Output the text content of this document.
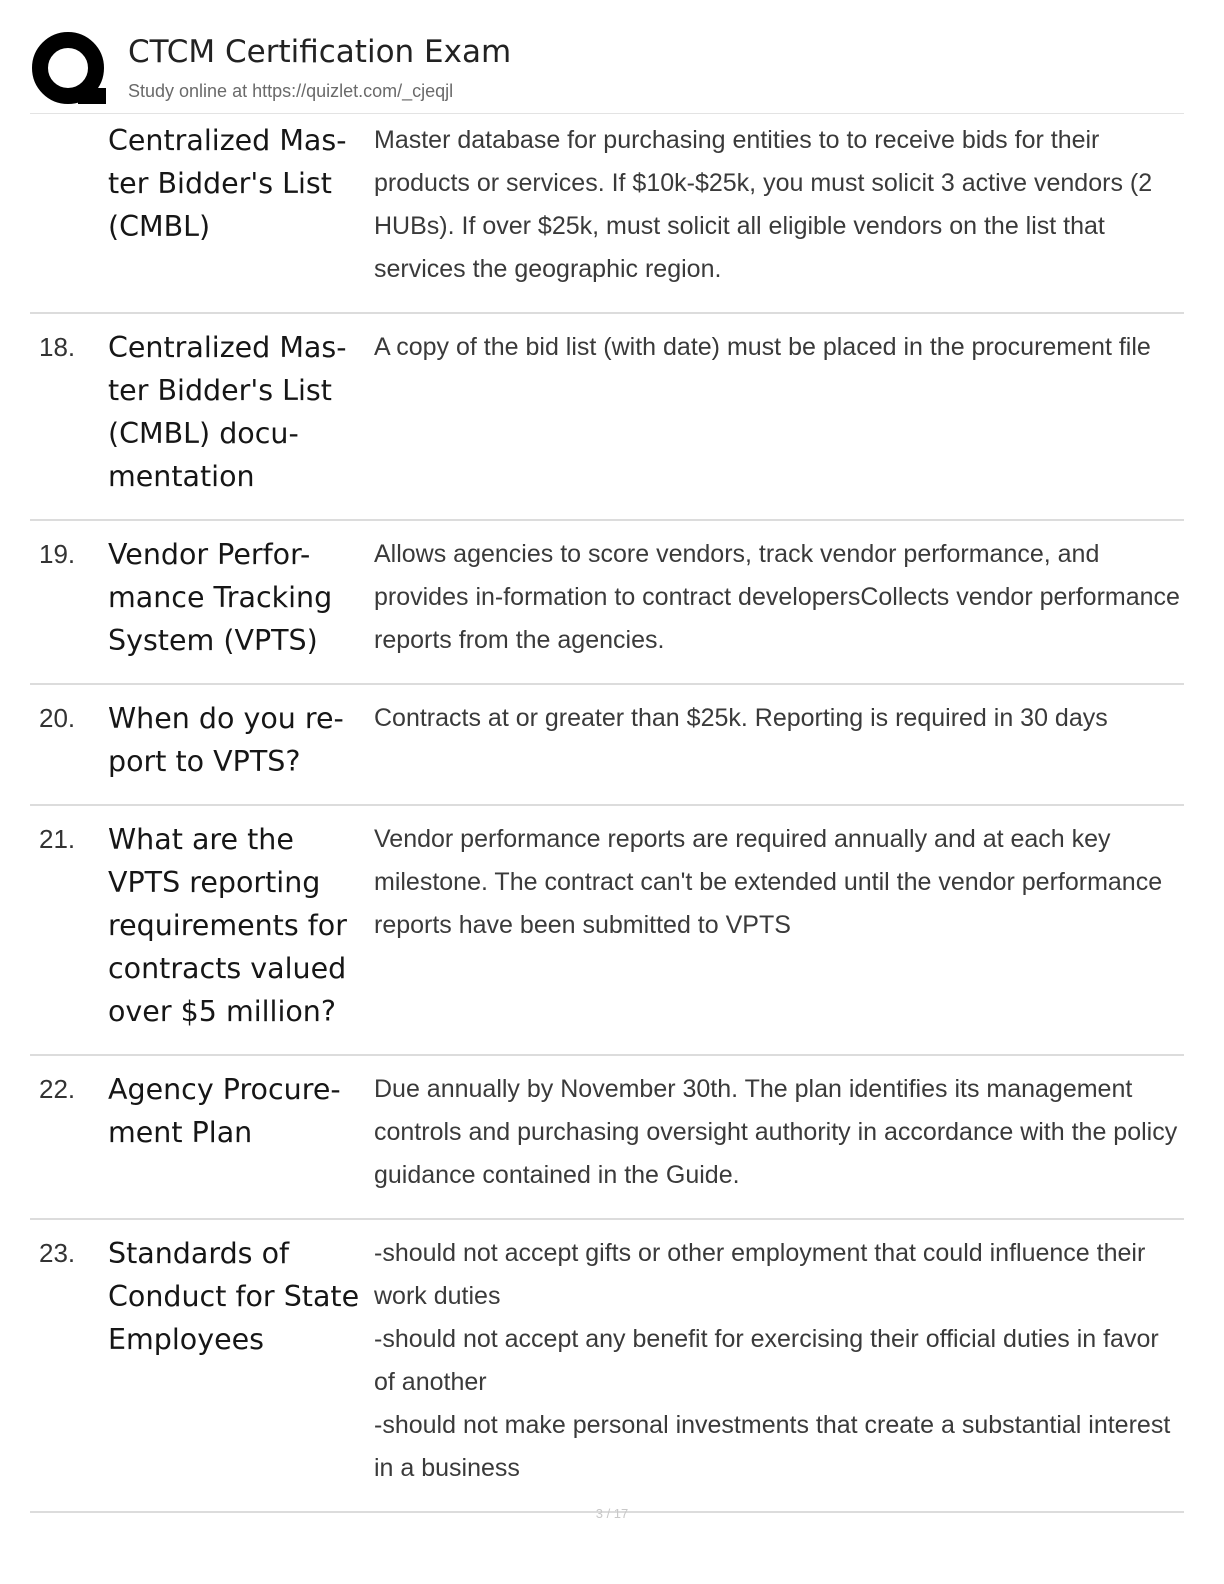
CTCM Certification Exam
Study online at https://quizlet.com/_cjeqjl
Centralized Mas-
ter Bidder's List
(CMBL)
Master database for purchasing entities to to receive bids for their products or services. If $10k-$25k, you must solicit 3 active vendors (2 HUBs). If over $25k, must solicit all eligible vendors on the list that services the geographic region.
18. Centralized Mas-
ter Bidder's List
(CMBL) docu-
mentation
A copy of the bid list (with date) must be placed in the procurement file
19. Vendor Perfor-
mance Tracking
System (VPTS)
Allows agencies to score vendors, track vendor performance, and provides in-formation to contract developersCollects vendor performance reports from the agencies.
20. When do you re-
port to VPTS?
Contracts at or greater than $25k. Reporting is required in 30 days
21. What are the
VPTS reporting
requirements for
contracts valued
over $5 million?
Vendor performance reports are required annually and at each key milestone. The contract can't be extended until the vendor performance reports have been submitted to VPTS
22. Agency Procure-
ment Plan
Due annually by November 30th. The plan identifies its management controls and purchasing oversight authority in accordance with the policy guidance contained in the Guide.
23. Standards of
Conduct for State
Employees
-should not accept gifts or other employment that could influence their work duties
-should not accept any benefit for exercising their official duties in favor of another
-should not make personal investments that create a substantial interest in a business
3 / 17
